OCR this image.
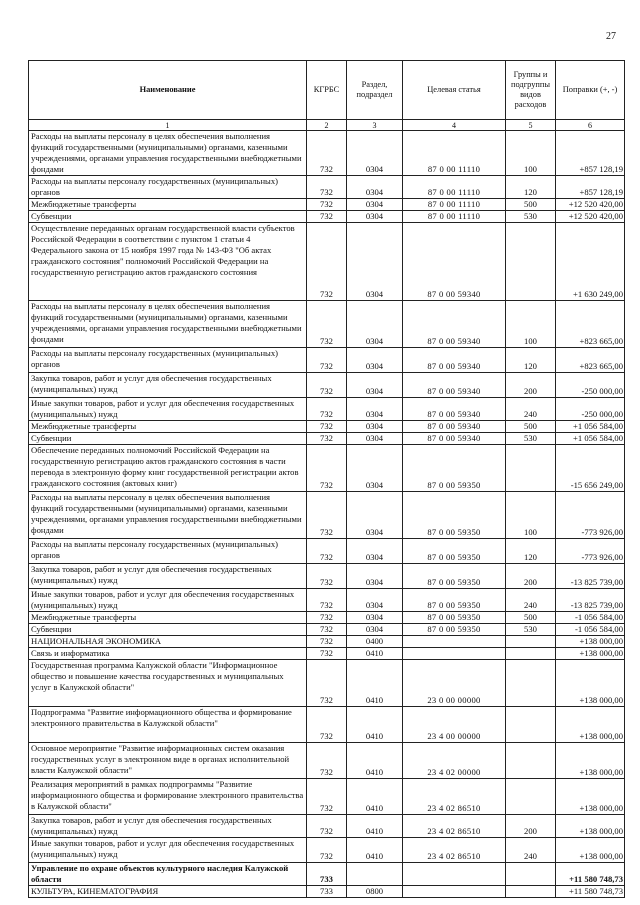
27
Наименование	КГРБС	Раздел, подраздел	Целевая статья	Группы и подгруппы видов расходов	Поправки (+, -)
1	2	3	4	5	6
Расходы на выплаты персоналу в целях обеспечения выполнения функций государственными (муниципальными) органами, казенными учреждениями, органами управления государственными внебюджетными фондами	732	0304	87 0 00 11110	100	+857 128,19
Расходы на выплаты персоналу государственных (муниципальных) органов	732	0304	87 0 00 11110	120	+857 128,19
Межбюджетные трансферты	732	0304	87 0 00 11110	500	+12 520 420,00
Субвенции	732	0304	87 0 00 11110	530	+12 520 420,00
Осуществление переданных органам государственной власти субъектов Российской Федерации в соответствии с пунктом 1 статьи 4 Федерального закона от 15 ноября 1997 года № 143-ФЗ "Об актах гражданского состояния" полномочий Российской Федерации на государственную регистрацию актов гражданского состояния	732	0304	87 0 00 59340		+1 630 249,00
Расходы на выплаты персоналу в целях обеспечения выполнения функций государственными (муниципальными) органами, казенными учреждениями, органами управления государственными внебюджетными фондами	732	0304	87 0 00 59340	100	+823 665,00
Расходы на выплаты персоналу государственных (муниципальных) органов	732	0304	87 0 00 59340	120	+823 665,00
Закупка товаров, работ и услуг для обеспечения государственных (муниципальных) нужд	732	0304	87 0 00 59340	200	-250 000,00
Иные закупки товаров, работ и услуг для обеспечения государственных (муниципальных) нужд	732	0304	87 0 00 59340	240	-250 000,00
Межбюджетные трансферты	732	0304	87 0 00 59340	500	+1 056 584,00
Субвенции	732	0304	87 0 00 59340	530	+1 056 584,00
Обеспечение переданных полномочий Российской Федерации на государственную регистрацию актов гражданского состояния в части перевода в электронную форму книг государственной регистрации актов гражданского состояния (актовых книг)	732	0304	87 0 00 59350		-15 656 249,00
Расходы на выплаты персоналу в целях обеспечения выполнения функций государственными (муниципальными) органами, казенными учреждениями, органами управления государственными внебюджетными фондами	732	0304	87 0 00 59350	100	-773 926,00
Расходы на выплаты персоналу государственных (муниципальных) органов	732	0304	87 0 00 59350	120	-773 926,00
Закупка товаров, работ и услуг для обеспечения государственных (муниципальных) нужд	732	0304	87 0 00 59350	200	-13 825 739,00
Иные закупки товаров, работ и услуг для обеспечения государственных (муниципальных) нужд	732	0304	87 0 00 59350	240	-13 825 739,00
Межбюджетные трансферты	732	0304	87 0 00 59350	500	-1 056 584,00
Субвенции	732	0304	87 0 00 59350	530	-1 056 584,00
НАЦИОНАЛЬНАЯ ЭКОНОМИКА	732	0400			+138 000,00
Связь и информатика	732	0410			+138 000,00
Государственная программа Калужской области "Информационное общество и повышение качества государственных и муниципальных услуг в Калужской области"	732	0410	23 0 00 00000		+138 000,00
Подпрограмма "Развитие информационного общества и формирование электронного правительства в Калужской области"	732	0410	23 4 00 00000		+138 000,00
Основное мероприятие "Развитие информационных систем оказания государственных услуг в электронном виде в органах исполнительной власти Калужской области"	732	0410	23 4 02 00000		+138 000,00
Реализация мероприятий в рамках подпрограммы "Развитие информационного общества и формирование электронного правительства в Калужской области"	732	0410	23 4 02 86510		+138 000,00
Закупка товаров, работ и услуг для обеспечения государственных (муниципальных) нужд	732	0410	23 4 02 86510	200	+138 000,00
Иные закупки товаров, работ и услуг для обеспечения государственных (муниципальных) нужд	732	0410	23 4 02 86510	240	+138 000,00
Управление по охране объектов культурного наследия Калужской области	733				+11 580 748,73
КУЛЬТУРА, КИНЕМАТОГРАФИЯ	733	0800			+11 580 748,73
